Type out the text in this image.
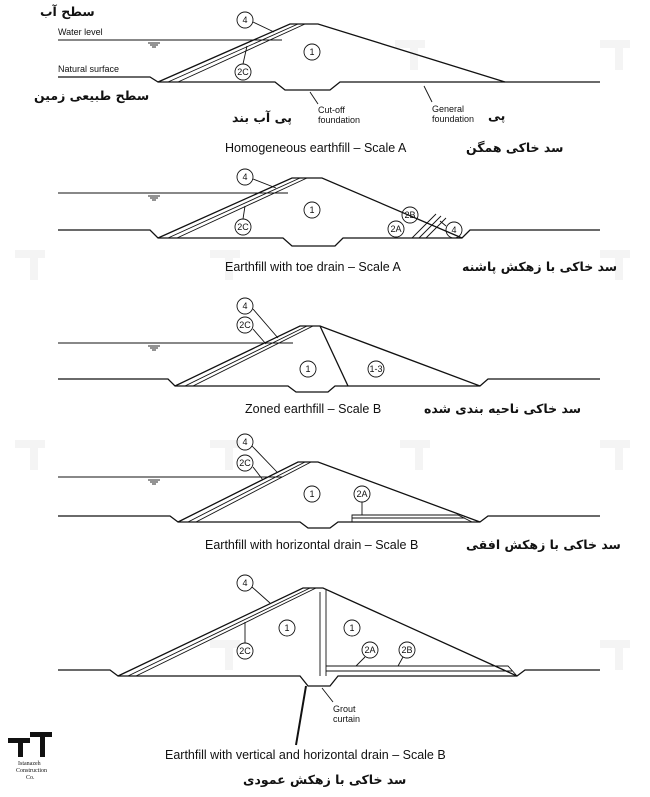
سطح آب
Water level
Natural surface
سطح طبیعی زمین
4
1
2C
پی آب بند	Cut-off
foundation
General
foundation پی
Homogeneous earthfill – Scale A	سد خاکی همگن
4
1
2C
2B
2A	4
Earthfill with toe drain – Scale A	سد خاکی با زهکش پاشنه
4
2C
1	1-3
Zoned earthfill – Scale B	سد خاکی ناحیه بندی شده
4
2C
1	2A
Earthfill with horizontal drain – Scale B	سد خاکی با زهکش افقی
Grout
curtain
4
1	1
2C	2A	2B
Earthfill with vertical and horizontal drain – Scale B
سد خاکی با زهکش عمودی
Istanazeh
Construction
Co.
